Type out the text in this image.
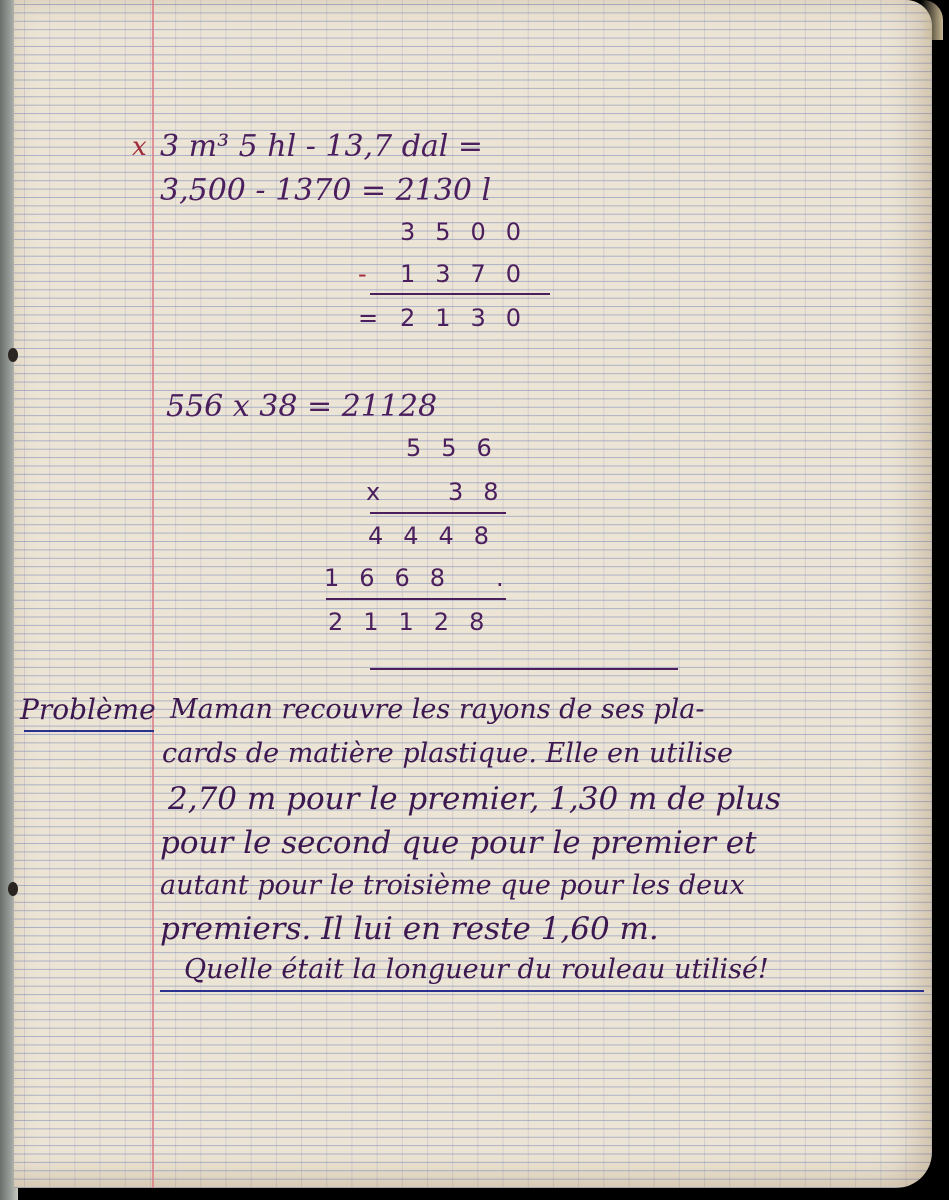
x 3 m³ 5 hl - 13,7 dal =
3,500 - 1370 = 2130 l
3500
- 1370
= 2130
556 x 38 = 21128
556
x 38
4448
1668 .
21128
Problème Maman recouvre les rayons de ses pla-
cards de matière plastique. Elle en utilise
2,70 m pour le premier, 1,30 m de plus
pour le second que pour le premier et
autant pour le troisième que pour les deux
premiers. Il lui en reste 1,60 m.
Quelle était la longueur du rouleau utilisé!
